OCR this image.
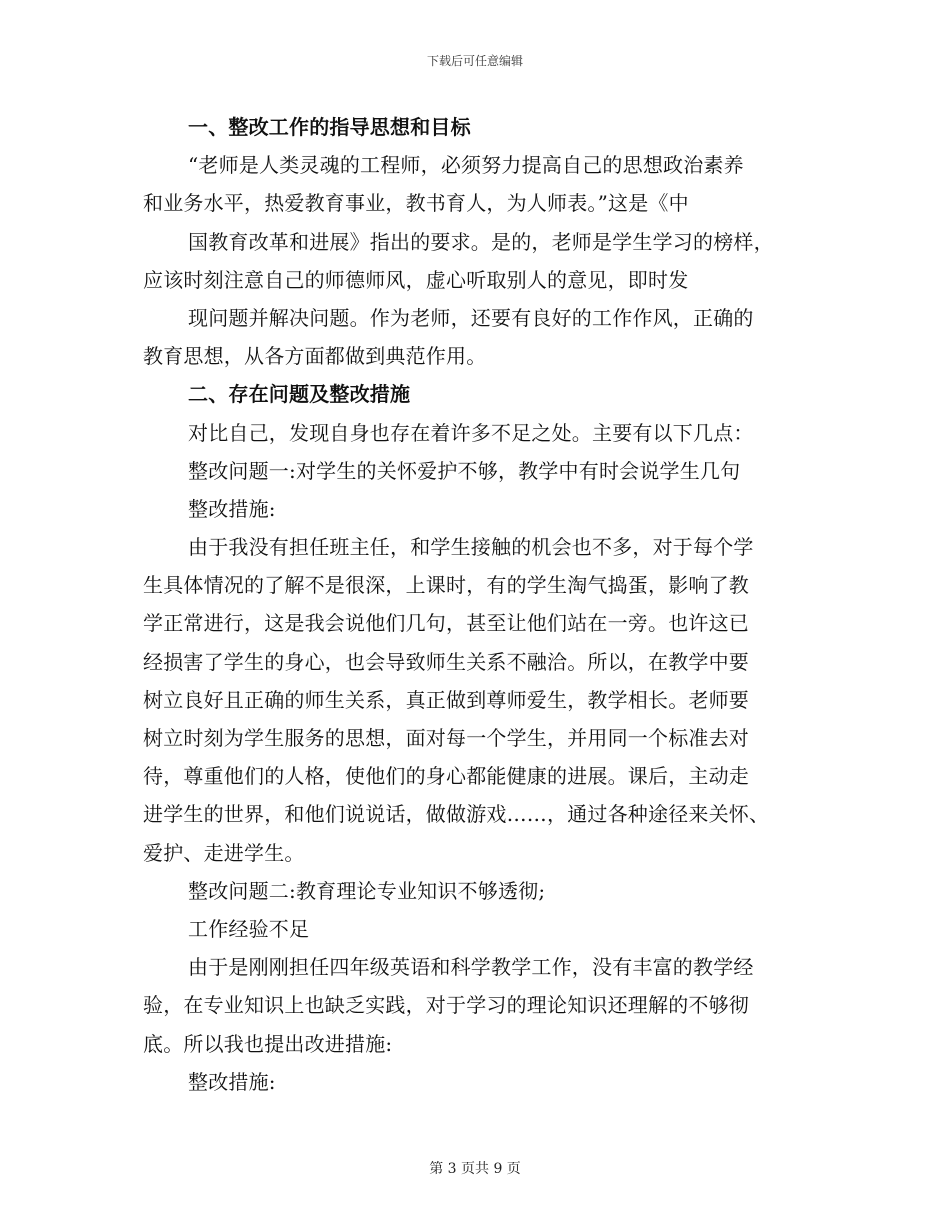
下载后可任意编辑
一、整改工作的指导思想和目标
“老师是人类灵魂的工程师，必须努力提高自己的思想政治素养
和业务水平，热爱教育事业，教书育人，为人师表。”这是《中
国教育改革和进展》指出的要求。是的，老师是学生学习的榜样，
应该时刻注意自己的师德师风，虚心听取别人的意见，即时发
现问题并解决问题。作为老师，还要有良好的工作作风，正确的
教育思想，从各方面都做到典范作用。
二、存在问题及整改措施
对比自己，发现自身也存在着许多不足之处。主要有以下几点：
整改问题一:对学生的关怀爱护不够，教学中有时会说学生几句
整改措施:
由于我没有担任班主任，和学生接触的机会也不多，对于每个学
生具体情况的了解不是很深，上课时，有的学生淘气捣蛋，影响了教
学正常进行，这是我会说他们几句，甚至让他们站在一旁。也许这已
经损害了学生的身心，也会导致师生关系不融洽。所以，在教学中要
树立良好且正确的师生关系，真正做到尊师爱生，教学相长。老师要
树立时刻为学生服务的思想，面对每一个学生，并用同一个标准去对
待，尊重他们的人格，使他们的身心都能健康的进展。课后，主动走
进学生的世界，和他们说说话，做做游戏……，通过各种途径来关怀、
爱护、走进学生。
整改问题二:教育理论专业知识不够透彻;
工作经验不足
由于是刚刚担任四年级英语和科学教学工作，没有丰富的教学经
验，在专业知识上也缺乏实践，对于学习的理论知识还理解的不够彻
底。所以我也提出改进措施:
整改措施:
第 3 页共 9 页
